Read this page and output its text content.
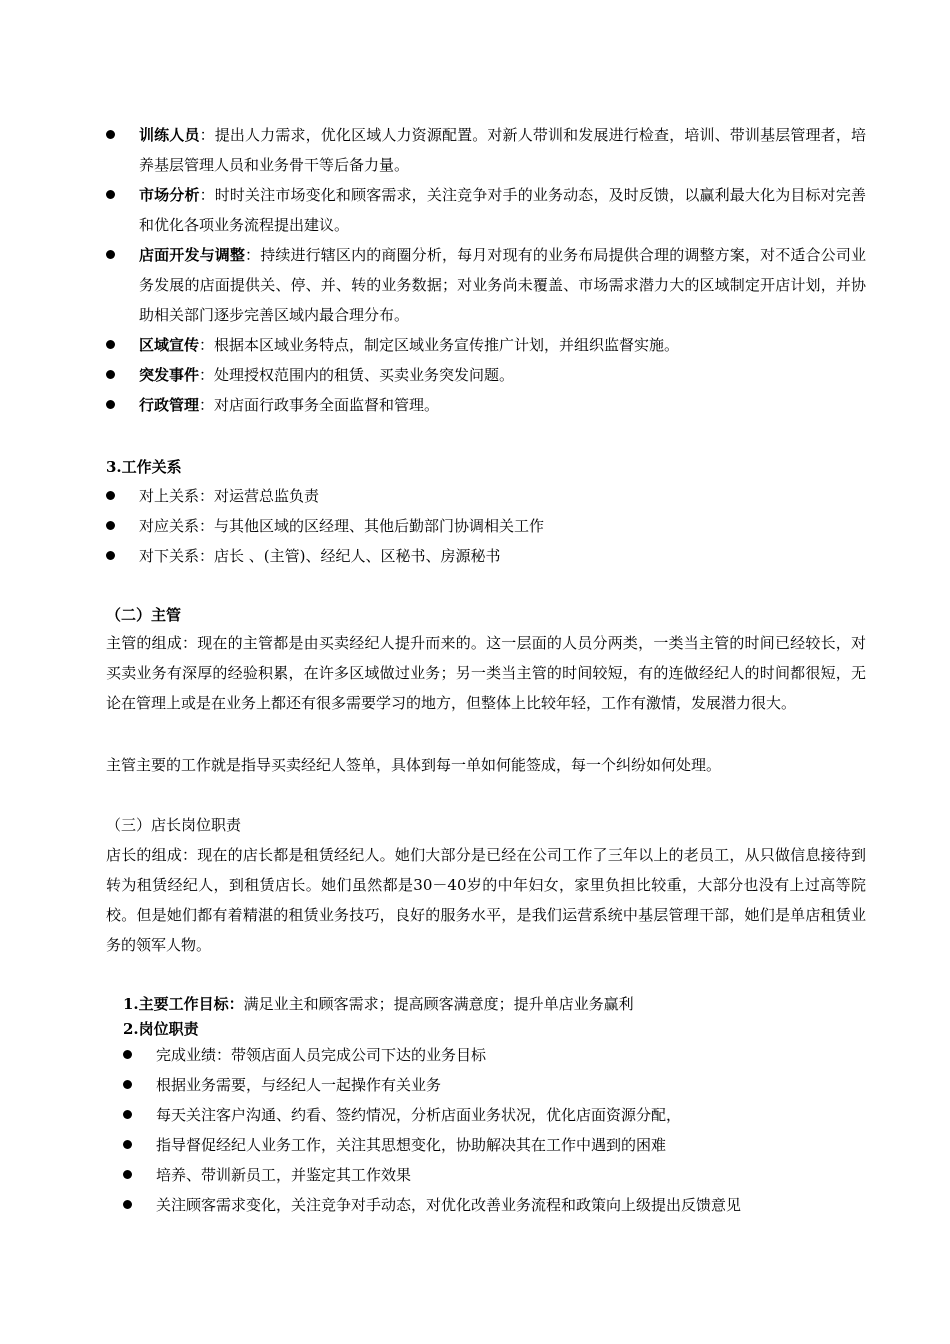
训练人员：提出人力需求，优化区域人力资源配置。对新人带训和发展进行检查，培训、带训基层管理者，培养基层管理人员和业务骨干等后备力量。
市场分析：时时关注市场变化和顾客需求，关注竞争对手的业务动态，及时反馈，以赢利最大化为目标对完善和优化各项业务流程提出建议。
店面开发与调整：持续进行辖区内的商圈分析，每月对现有的业务布局提供合理的调整方案，对不适合公司业务发展的店面提供关、停、并、转的业务数据；对业务尚未覆盖、市场需求潜力大的区域制定开店计划，并协助相关部门逐步完善区域内最合理分布。
区域宣传：根据本区域业务特点，制定区域业务宣传推广计划，并组织监督实施。
突发事件：处理授权范围内的租赁、买卖业务突发问题。
行政管理：对店面行政事务全面监督和管理。
3.工作关系
对上关系：对运营总监负责
对应关系：与其他区域的区经理、其他后勤部门协调相关工作
对下关系：店长 、(主管)、经纪人、区秘书、房源秘书
（二）主管
主管的组成：现在的主管都是由买卖经纪人提升而来的。这一层面的人员分两类，一类当主管的时间已经较长，对买卖业务有深厚的经验积累，在许多区域做过业务；另一类当主管的时间较短，有的连做经纪人的时间都很短，无论在管理上或是在业务上都还有很多需要学习的地方，但整体上比较年轻，工作有激情，发展潜力很大。
主管主要的工作就是指导买卖经纪人签单，具体到每一单如何能签成，每一个纠纷如何处理。
（三）店长岗位职责
店长的组成：现在的店长都是租赁经纪人。她们大部分是已经在公司工作了三年以上的老员工，从只做信息接待到转为租赁经纪人，到租赁店长。她们虽然都是30－40岁的中年妇女，家里负担比较重，大部分也没有上过高等院校。但是她们都有着精湛的租赁业务技巧，良好的服务水平，是我们运营系统中基层管理干部，她们是单店租赁业务的领军人物。
1.主要工作目标：满足业主和顾客需求；提高顾客满意度；提升单店业务赢利
2.岗位职责
完成业绩：带领店面人员完成公司下达的业务目标
根据业务需要，与经纪人一起操作有关业务
每天关注客户沟通、约看、签约情况，分析店面业务状况，优化店面资源分配，
指导督促经纪人业务工作，关注其思想变化，协助解决其在工作中遇到的困难
培养、带训新员工，并鉴定其工作效果
关注顾客需求变化，关注竞争对手动态，对优化改善业务流程和政策向上级提出反馈意见
